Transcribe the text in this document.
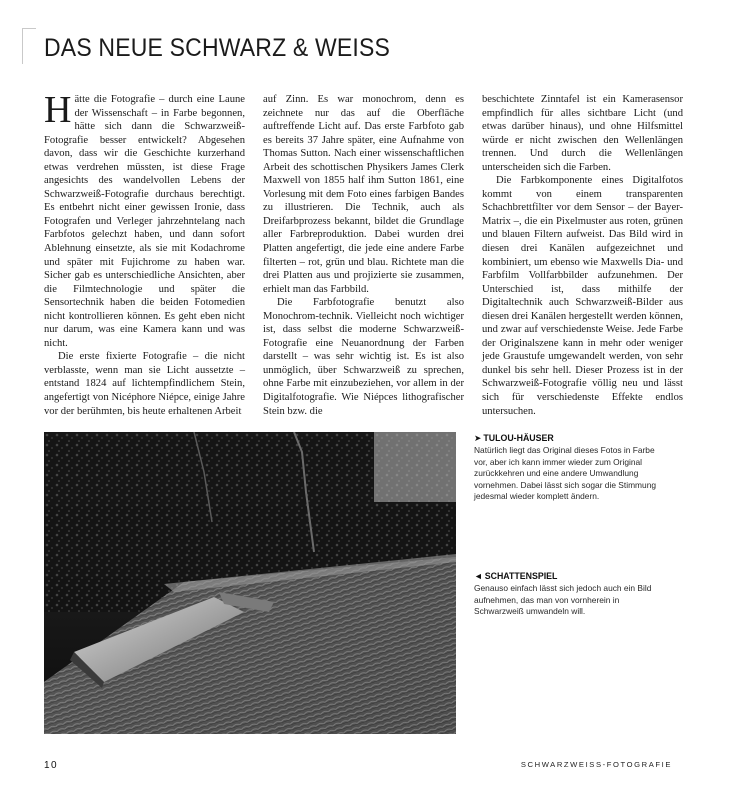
DAS NEUE SCHWARZ & WEISS

Hätte die Fotografie – durch eine Laune der Wissenschaft – in Farbe begonnen, hätte sich dann die Schwarzweiß-Fotografie besser entwickelt? Abgesehen davon, dass wir die Geschichte kurzerhand etwas verdrehen müssten, ist diese Frage angesichts des wandelvollen Lebens der Schwarzweiß-Fotografie durchaus berechtigt. Es entbehrt nicht einer gewissen Ironie, dass Fotografen und Verleger jahrzehntelang nach Farbfotos gelechzt haben, und dann sofort Ablehnung einsetzte, als sie mit Kodachrome und später mit Fujichrome zu haben war. Sicher gab es unterschiedliche Ansichten, aber die Filmtechnologie und später die Sensortechnik haben die beiden Fotomedien nicht kontrollieren können. Es geht eben nicht nur darum, was eine Kamera kann und was nicht.

Die erste fixierte Fotografie – die nicht verblasste, wenn man sie Licht aussetzte – entstand 1824 auf lichtempfindlichem Stein, angefertigt von Nicéphore Niépce, einige Jahre vor der berühmten, bis heute erhaltenen Arbeit

auf Zinn. Es war monochrom, denn es zeichnete nur das auf die Oberfläche auftreffende Licht auf. Das erste Farbfoto gab es bereits 37 Jahre später, eine Aufnahme von Thomas Sutton. Nach einer wissenschaftlichen Arbeit des schottischen Physikers James Clerk Maxwell von 1855 half ihm Sutton 1861, eine Vorlesung mit dem Foto eines farbigen Bandes zu illustrieren. Die Technik, auch als Dreifarbprozess bekannt, bildet die Grundlage aller Farbreproduktion. Dabei wurden drei Platten angefertigt, die jede eine andere Farbe filterten – rot, grün und blau. Richtete man die drei Platten aus und projizierte sie zusammen, erhielt man das Farbbild.

Die Farbfotografie benutzt also Monochrom-technik. Vielleicht noch wichtiger ist, dass selbst die moderne Schwarzweiß-Fotografie eine Neuanordnung der Farben darstellt – was sehr wichtig ist. Es ist also unmöglich, über Schwarzweiß zu sprechen, ohne Farbe mit einzubeziehen, vor allem in der Digitalfotografie. Wie Niépces lithografischer Stein bzw. die

beschichtete Zinntafel ist ein Kamerasensor empfindlich für alles sichtbare Licht (und etwas darüber hinaus), und ohne Hilfsmittel würde er nicht zwischen den Wellenlängen trennen. Und durch die Wellenlängen unterscheiden sich die Farben.

Die Farbkomponente eines Digitalfotos kommt von einem transparenten Schachbrettfilter vor dem Sensor – der Bayer-Matrix –, die ein Pixelmuster aus roten, grünen und blauen Filtern aufweist. Das Bild wird in diesen drei Kanälen aufgezeichnet und kombiniert, um ebenso wie Maxwells Dia- und Farbfilm Vollfarbbilder aufzunehmen. Der Unterschied ist, dass mithilfe der Digitaltechnik auch Schwarzweiß-Bilder aus diesen drei Kanälen hergestellt werden können, und zwar auf verschiedenste Weise. Jede Farbe der Originalszene kann in mehr oder weniger jede Graustufe umgewandelt werden, von sehr dunkel bis sehr hell. Dieser Prozess ist in der Schwarzweiß-Fotografie völlig neu und lässt sich für verschiedenste Effekte endlos untersuchen.

➤ TULOU-HÄUSER
Natürlich liegt das Original dieses Fotos in Farbe vor, aber ich kann immer wieder zum Original zurückkehren und eine andere Umwandlung vornehmen. Dabei lässt sich sogar die Stimmung jedesmal wieder komplett ändern.
◄ SCHATTENSPIEL
Genauso einfach lässt sich jedoch auch ein Bild aufnehmen, das man von vornherein in Schwarzweiß umwandeln will.
10	SCHWARZWEISS-FOTOGRAFIE
